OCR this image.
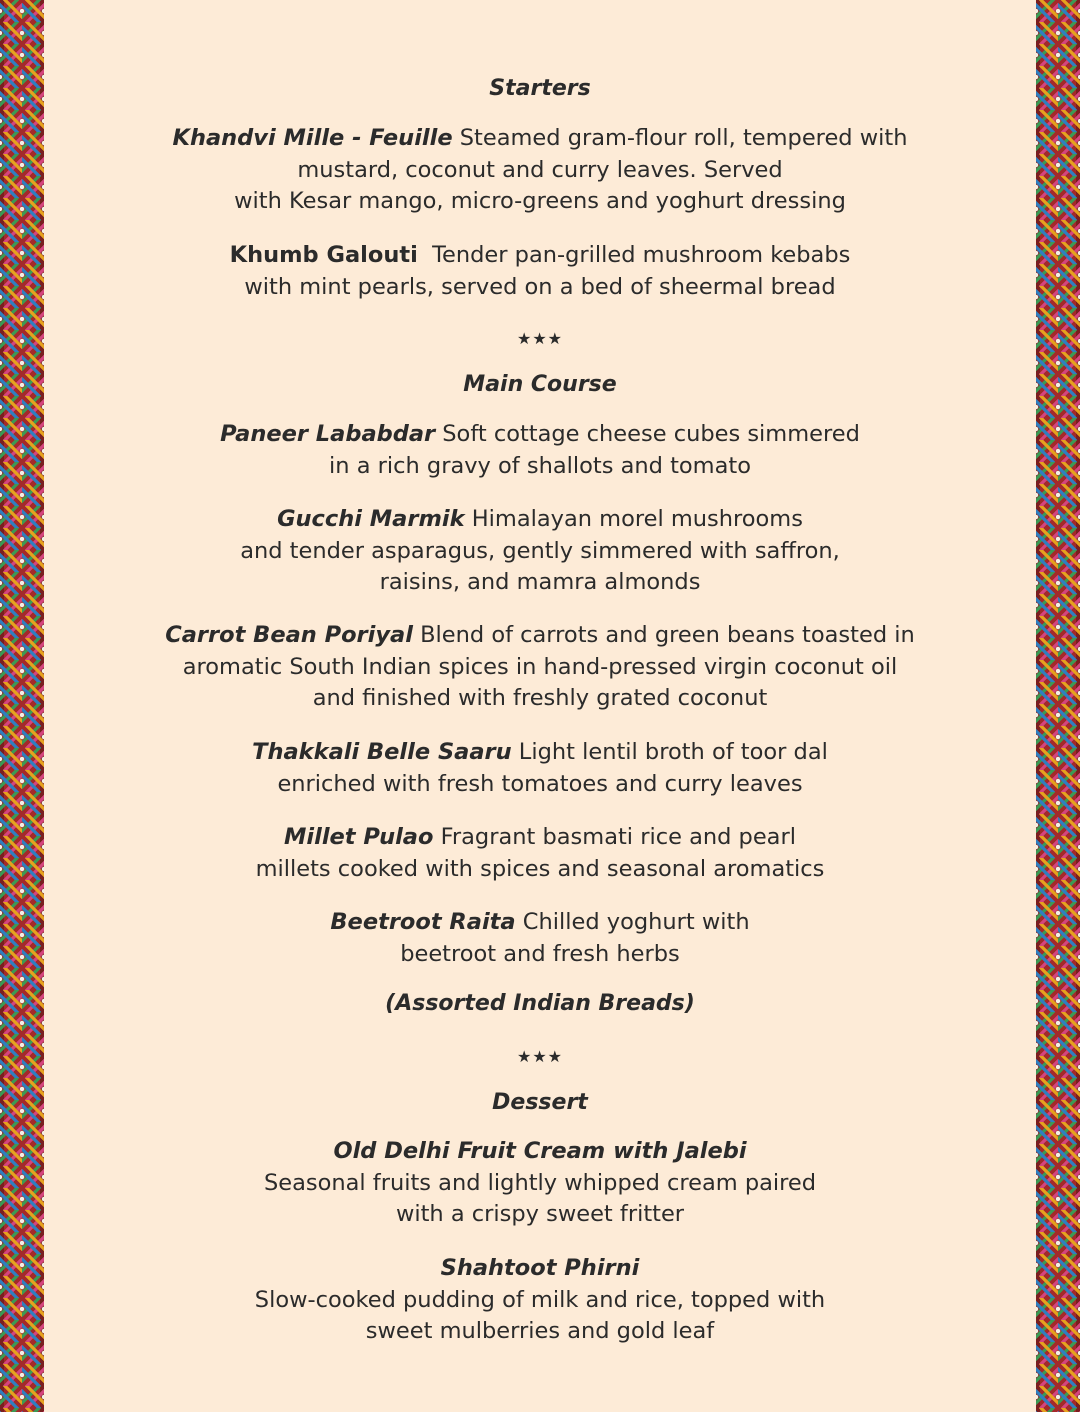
Starters
Khandvi Mille - Feuille Steamed gram-flour roll, tempered with
mustard, coconut and curry leaves. Served
with Kesar mango, micro-greens and yoghurt dressing
Khumb Galouti  Tender pan-grilled mushroom kebabs
with mint pearls, served on a bed of sheermal bread
★★★
Main Course
Paneer Lababdar Soft cottage cheese cubes simmered
in a rich gravy of shallots and tomato
Gucchi Marmik Himalayan morel mushrooms
and tender asparagus, gently simmered with saffron,
raisins, and mamra almonds
Carrot Bean Poriyal Blend of carrots and green beans toasted in
aromatic South Indian spices in hand-pressed virgin coconut oil
and finished with freshly grated coconut
Thakkali Belle Saaru Light lentil broth of toor dal
enriched with fresh tomatoes and curry leaves
Millet Pulao Fragrant basmati rice and pearl
millets cooked with spices and seasonal aromatics
Beetroot Raita Chilled yoghurt with
beetroot and fresh herbs
(Assorted Indian Breads)
★★★
Dessert
Old Delhi Fruit Cream with Jalebi
Seasonal fruits and lightly whipped cream paired
with a crispy sweet fritter
Shahtoot Phirni
Slow-cooked pudding of milk and rice, topped with
sweet mulberries and gold leaf
